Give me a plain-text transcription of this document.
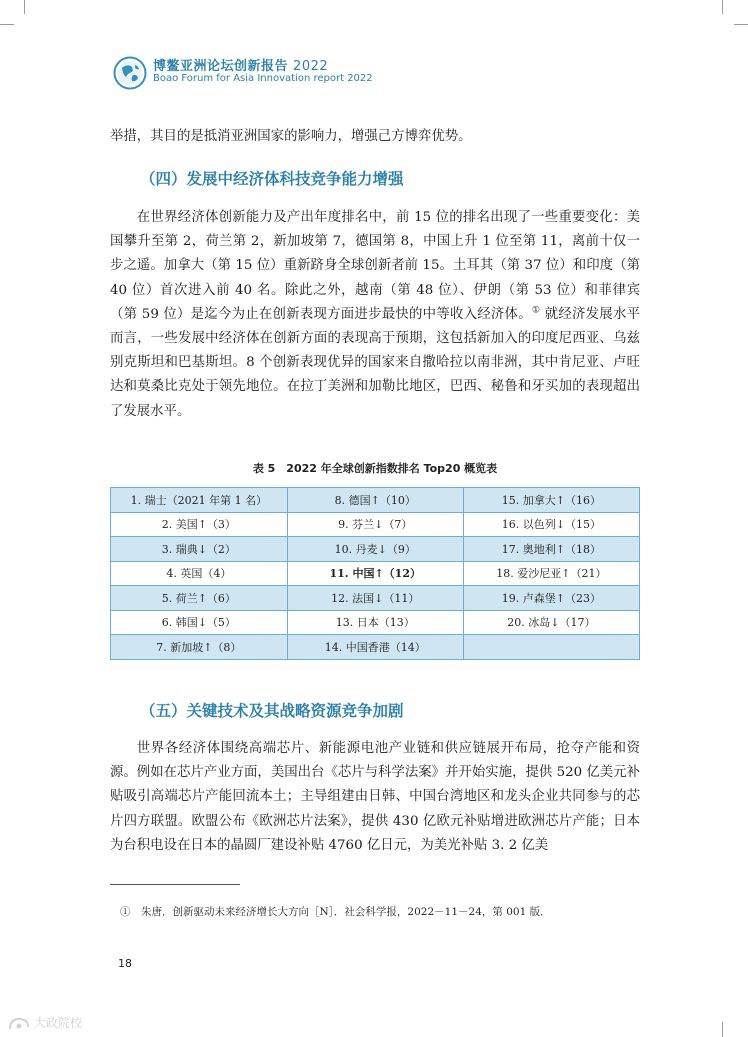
博鳌亚洲论坛创新报告 2022
Boao Forum for Asia Innovation report 2022

举措，其目的是抵消亚洲国家的影响力，增强己方博弈优势。

（四）发展中经济体科技竞争能力增强

在世界经济体创新能力及产出年度排名中，前 15 位的排名出现了一些重要变化：美国攀升至第 2，荷兰第 2，新加坡第 7，德国第 8，中国上升 1 位至第 11，离前十仅一步之遥。加拿大（第 15 位）重新跻身全球创新者前 15。土耳其（第 37 位）和印度（第 40 位）首次进入前 40 名。除此之外，越南（第 48 位）、伊朗（第 53 位）和菲律宾（第 59 位）是迄今为止在创新表现方面进步最快的中等收入经济体。① 就经济发展水平而言，一些发展中经济体在创新方面的表现高于预期，这包括新加入的印度尼西亚、乌兹别克斯坦和巴基斯坦。8 个创新表现优异的国家来自撒哈拉以南非洲，其中肯尼亚、卢旺达和莫桑比克处于领先地位。在拉丁美洲和加勒比地区，巴西、秘鲁和牙买加的表现超出了发展水平。

表 5　2022 年全球创新指数排名 Top20 概览表
1. 瑞士（2021 年第 1 名）	8. 德国↑（10）	15. 加拿大↑（16）
2. 美国↑（3）	9. 芬兰↓（7）	16. 以色列↓（15）
3. 瑞典↓（2）	10. 丹麦↓（9）	17. 奥地利↑（18）
4. 英国（4）	11. 中国↑（12）	18. 爱沙尼亚↑（21）
5. 荷兰↑（6）	12. 法国↓（11）	19. 卢森堡↑（23）
6. 韩国↓（5）	13. 日本（13）	20. 冰岛↓（17）
7. 新加坡↑（8）	14. 中国香港（14）	
（五）关键技术及其战略资源竞争加剧

世界各经济体围绕高端芯片、新能源电池产业链和供应链展开布局，抢夺产能和资源。例如在芯片产业方面，美国出台《芯片与科学法案》并开始实施，提供 520 亿美元补贴吸引高端芯片产能回流本土；主导组建由日韩、中国台湾地区和龙头企业共同参与的芯片四方联盟。欧盟公布《欧洲芯片法案》，提供 430 亿欧元补贴增进欧洲芯片产能；日本为台积电设在日本的晶圆厂建设补贴 4760 亿日元，为美光补贴 3. 2 亿美

①　朱唐．创新驱动未来经济增长大方向［N］．社会科学报，2022－11－24，第 001 版．
18
大政院校
